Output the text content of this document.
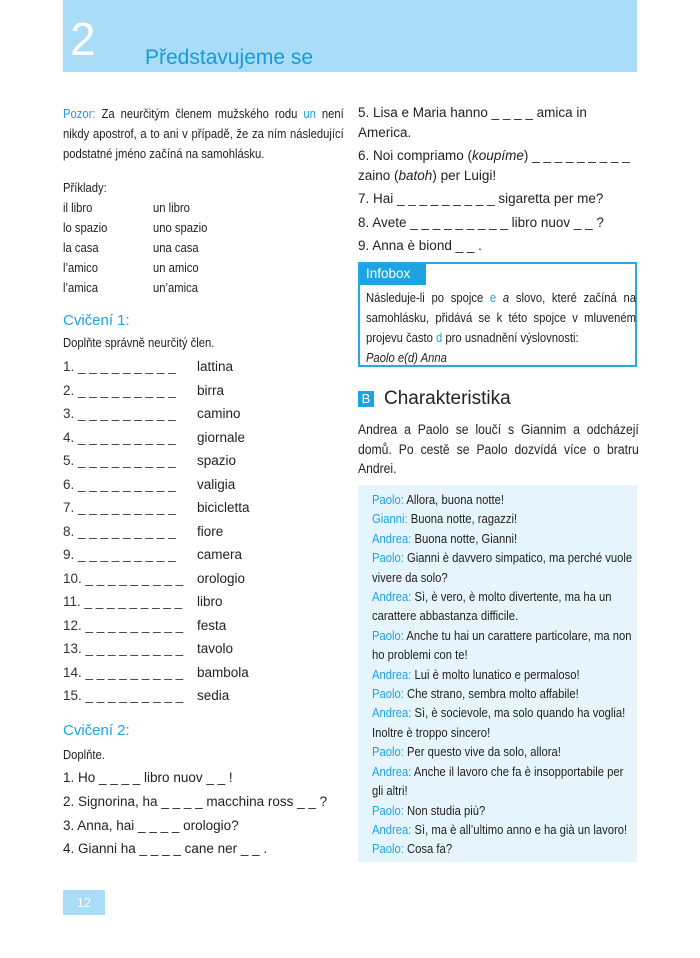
2 Představujeme se
Pozor: Za neurčitým členem mužského rodu un není nikdy apostrof, a to ani v případě, že za ním následující podstatné jméno začíná na samohlásku.
Příklady:
il libro	un libro
lo spazio	uno spazio
la casa	una casa
l’amico	un amico
l’amica	un’amica
Cvičení 1:
Doplňte správně neurčitý člen.
1. _ _ _ _ _ _ _ _ _	lattina
2. _ _ _ _ _ _ _ _ _	birra
3. _ _ _ _ _ _ _ _ _	camino
4. _ _ _ _ _ _ _ _ _	giornale
5. _ _ _ _ _ _ _ _ _	spazio
6. _ _ _ _ _ _ _ _ _	valigia
7. _ _ _ _ _ _ _ _ _	bicicletta
8. _ _ _ _ _ _ _ _ _	fiore
9. _ _ _ _ _ _ _ _ _	camera
10. _ _ _ _ _ _ _ _ _	orologio
11. _ _ _ _ _ _ _ _ _	libro
12. _ _ _ _ _ _ _ _ _	festa
13. _ _ _ _ _ _ _ _ _	tavolo
14. _ _ _ _ _ _ _ _ _	bambola
15. _ _ _ _ _ _ _ _ _	sedia
Cvičení 2:
Doplňte.
1. Ho _ _ _ _ libro nuov _ _ !
2. Signorina, ha _ _ _ _ macchina ross _ _ ?
3. Anna, hai _ _ _ _ orologio?
4. Gianni ha _ _ _ _ cane ner _ _ .
5. Lisa e Maria hanno _ _ _ _ amica in America.
6. Noi compriamo (koupíme) _ _ _ _ _ _ _ _ _ zaino (batoh) per Luigi!
7. Hai _ _ _ _ _ _ _ _ _ sigaretta per me?
8. Avete _ _ _ _ _ _ _ _ _ libro nuov _ _ ?
9. Anna è biond _ _ .
Infobox
Následuje-li po spojce e a slovo, které začíná na samohlásku, přidává se k této spojce v mluveném projevu často d pro usnadnění výslovnosti:
Paolo e(d) Anna
B Charakteristika
Andrea a Paolo se loučí s Giannim a odcházejí domů. Po cestě se Paolo dozvídá více o bratru Andrei.
Paolo: Allora, buona notte!
Gianni: Buona notte, ragazzi!
Andrea: Buona notte, Gianni!
Paolo: Gianni è davvero simpatico, ma perché vuole vivere da solo?
Andrea: Sì, è vero, è molto divertente, ma ha un carattere abbastanza difficile.
Paolo: Anche tu hai un carattere particolare, ma non ho problemi con te!
Andrea: Lui è molto lunatico e permaloso!
Paolo: Che strano, sembra molto affabile!
Andrea: Sì, è socievole, ma solo quando ha voglia! Inoltre è troppo sincero!
Paolo: Per questo vive da solo, allora!
Andrea: Anche il lavoro che fa è insopportabile per gli altri!
Paolo: Non studia più?
Andrea: Sì, ma è all’ultimo anno e ha già un lavoro!
Paolo: Cosa fa?
12
